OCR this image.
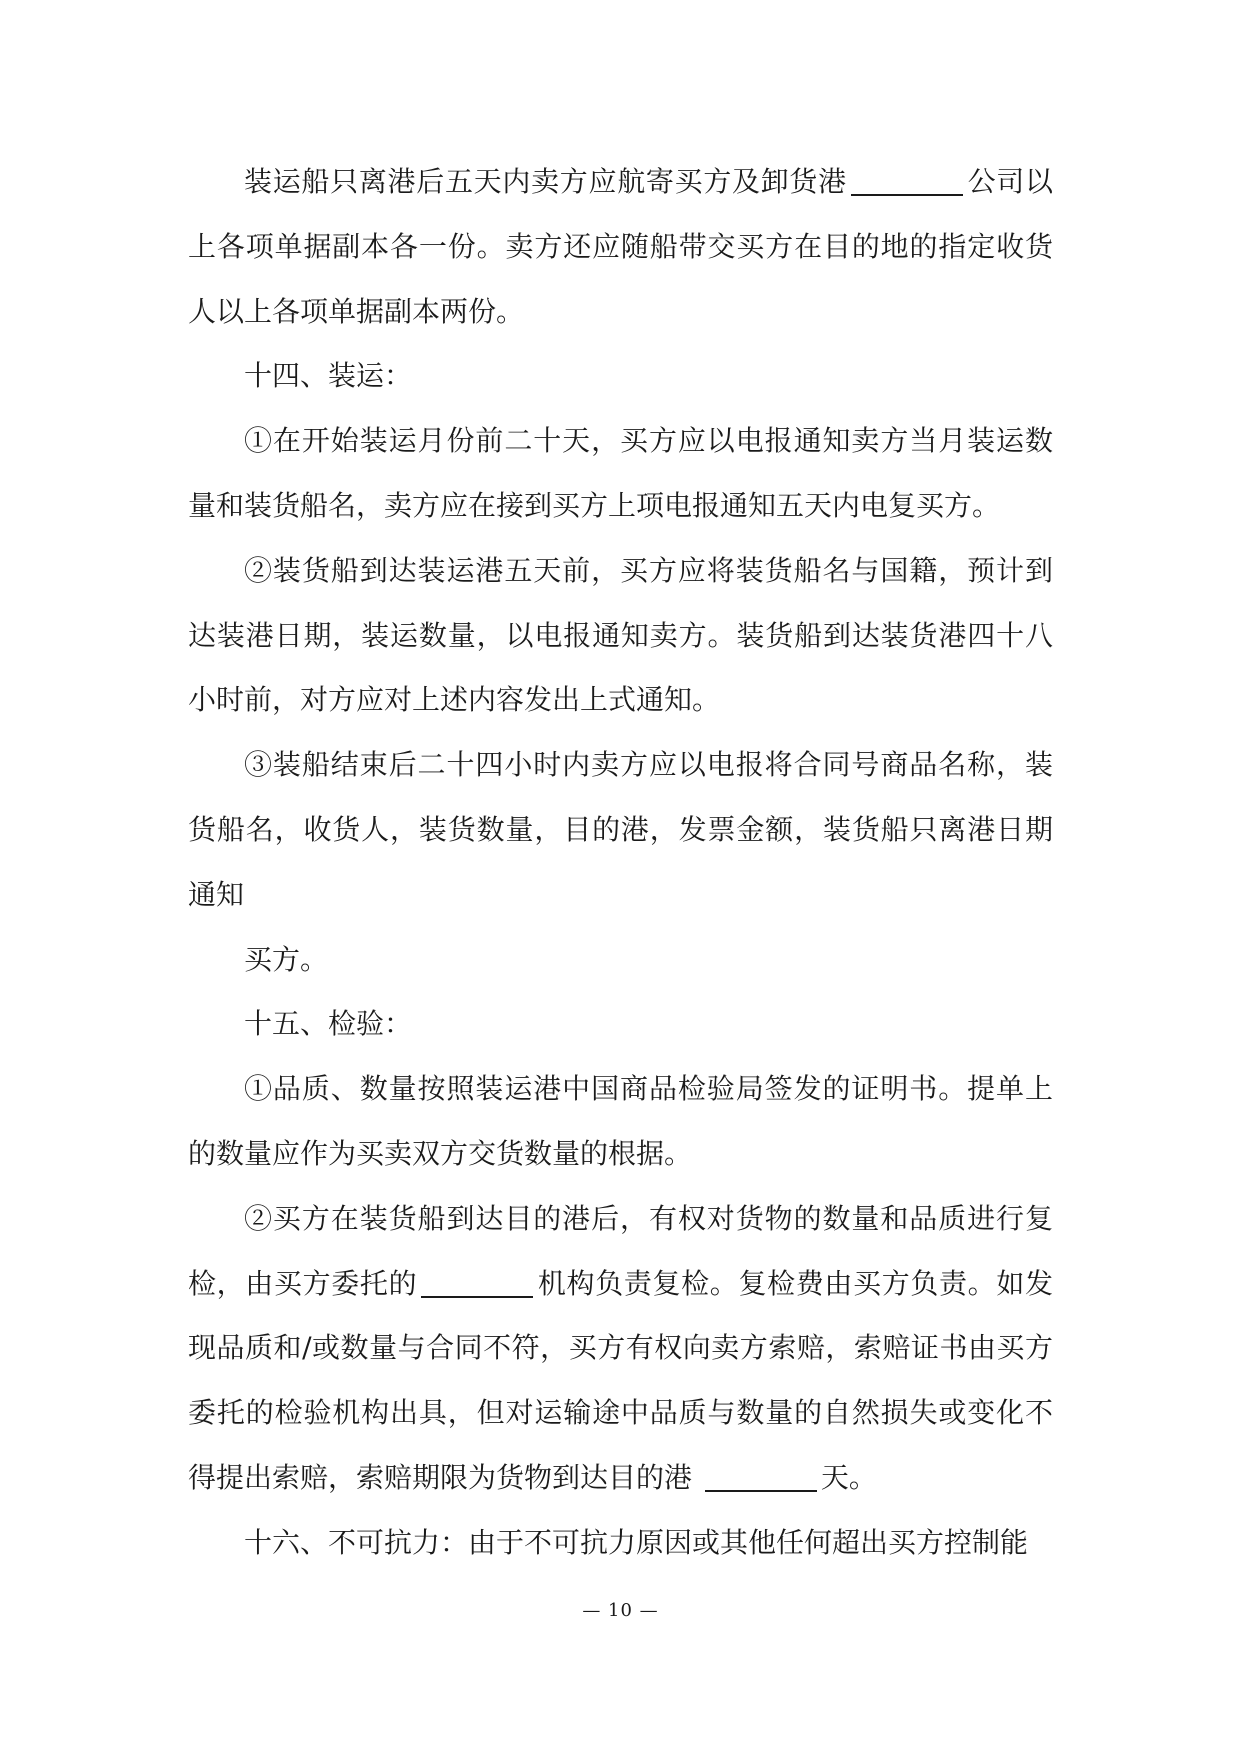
装运船只离港后五天内卖方应航寄买方及卸货港	公司以上各项单据副本各一份。卖方还应随船带交买方在目的地的指定收货人以上各项单据副本两份。

十四、装运：

①在开始装运月份前二十天，买方应以电报通知卖方当月装运数量和装货船名，卖方应在接到买方上项电报通知五天内电复买方。

②装货船到达装运港五天前，买方应将装货船名与国籍，预计到达装港日期，装运数量，以电报通知卖方。装货船到达装货港四十八小时前，对方应对上述内容发出上式通知。

③装船结束后二十四小时内卖方应以电报将合同号商品名称，装货船名，收货人，装货数量，目的港，发票金额，装货船只离港日期

通知

买方。

十五、检验：

①品质、数量按照装运港中国商品检验局签发的证明书。提单上的数量应作为买卖双方交货数量的根据。

②买方在装货船到达目的港后，有权对货物的数量和品质进行复检，由买方委托的	机构负责复检。复检费由买方负责。如发现品质和/或数量与合同不符，买方有权向卖方索赔，索赔证书由买方委托的检验机构出具，但对运输途中品质与数量的自然损失或变化不得提出索赔，索赔期限为货物到达目的港	天。

十六、不可抗力：由于不可抗力原因或其他任何超出买方控制能

— 10 —
